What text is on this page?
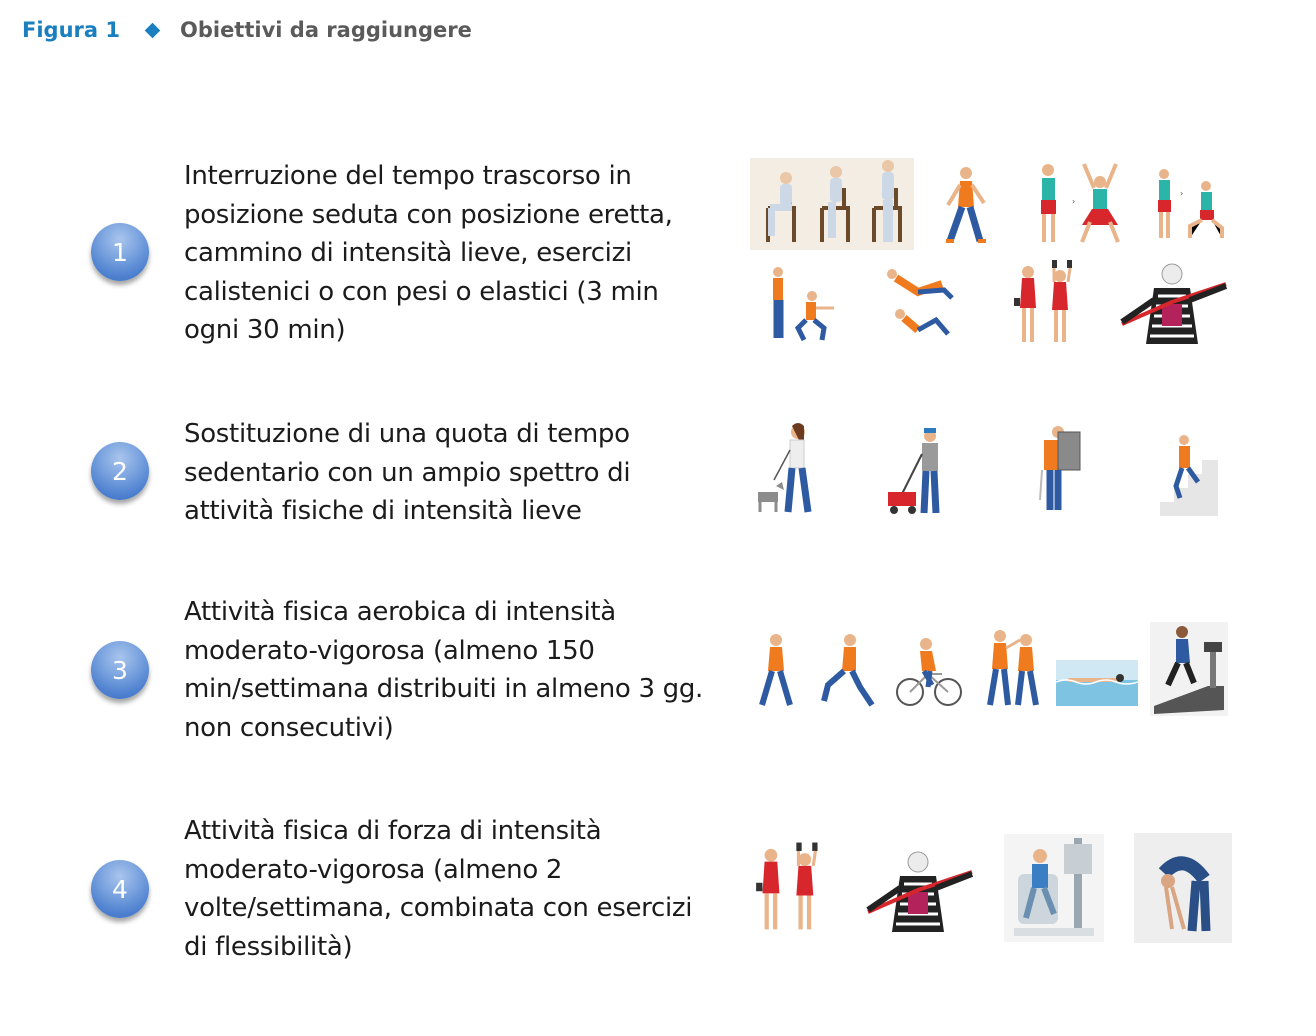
Figura 1	Obiettivi da raggiungere
1
Interruzione del tempo trascorso in posizione seduta con posizione eretta, cammino di intensità lieve, esercizi calistenici o con pesi o elastici (3 min ogni 30 min)
›
›
2
Sostituzione di una quota di tempo sedentario con un ampio spettro di attività fisiche di intensità lieve
3
Attività fisica aerobica di intensità moderato-vigorosa (almeno 150 min/settimana distribuiti in almeno 3 gg. non consecutivi)
4
Attività fisica di forza di intensità moderato-vigorosa (almeno 2 volte/settimana, combinata con esercizi di flessibilità)
